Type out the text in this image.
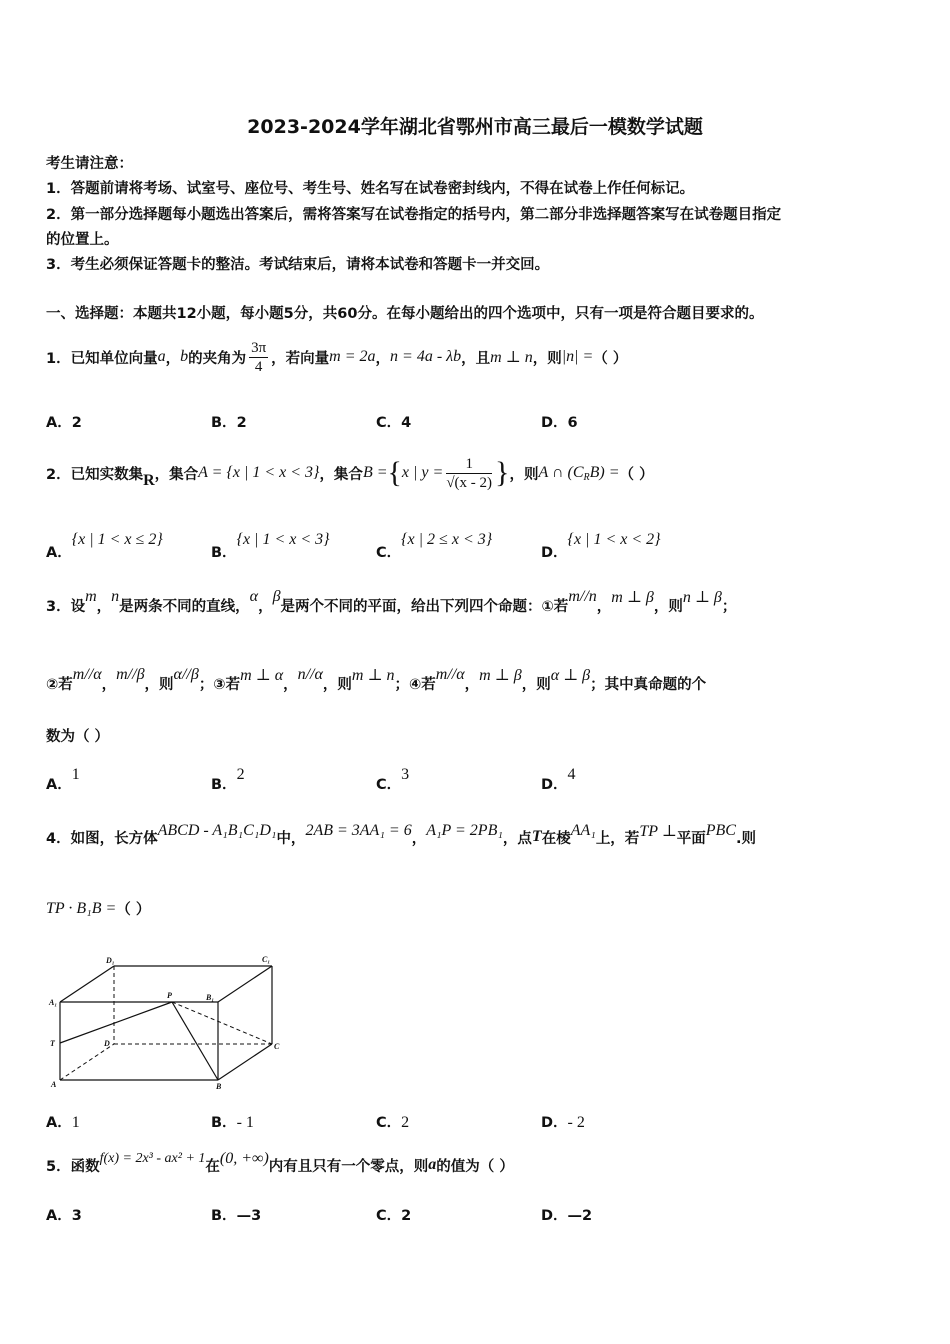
2023-2024学年湖北省鄂州市高三最后一模数学试题
考生请注意：
1．答题前请将考场、试室号、座位号、考生号、姓名写在试卷密封线内，不得在试卷上作任何标记。
2．第一部分选择题每小题选出答案后，需将答案写在试卷指定的括号内，第二部分非选择题答案写在试卷题目指定
的位置上。
3．考生必须保证答题卡的整洁。考试结束后，请将本试卷和答题卡一并交回。
一、选择题：本题共12小题，每小题5分，共60分。在每小题给出的四个选项中，只有一项是符合题目要求的。
1．已知单位向量 a ， b 的夹角为 $\frac{3\pi}{4}$ ，若向量 m = 2a ， n = 4a - λb ，且 m ⊥ n ，则 |n| = （ ）
A．2	B．2	C．4	D．6
2．已知实数集 R ，集合 A = {x | 1 < x < 3} ，集合 B = { x | $y = \frac{1}{√(x - 2)}$ } ，则 A ∩ (C R B) = （ ）
A．{x | 1 < x ≤ 2}
B．{x | 1 < x < 3}
C．{x | 2 ≤ x < 3}
D．{x | 1 < x < 2}
3．设
m
，
n
是两条不同的直线，
α
，
β
是两个不同的平面，给出下列四个命题：①若
m//n
，
m ⊥ β
，则
n ⊥ β
；
②若
m//α
，
m//β
，则
α//β
；③若
m ⊥ α
，
n//α
，则
m ⊥ n
；④若
m//α
，
m ⊥ β
，则
α ⊥ β
；其中真命题的个
数为（ ）
A．1
B．2
C．3
D．4
4．如图，长方体 ABCD - A₁B₁C₁D₁ 中， 2AB = 3AA₁ = 6 ， A₁P = 2PB₁ ，点 T 在棱 AA₁ 上，若 TP ⊥ 平面 PBC .则
TP · B₁B = （ ）
A	B
C
D
A₁
B₁
C₁
D₁
P
T
A．1	B．- 1	C．2	D．- 2
5．函数 f(x) = 2x³ - ax² + 1 在 (0, +∞) 内有且只有一个零点，则 a 的值为（ ）
A．3	B．—3	C．2	D．—2
